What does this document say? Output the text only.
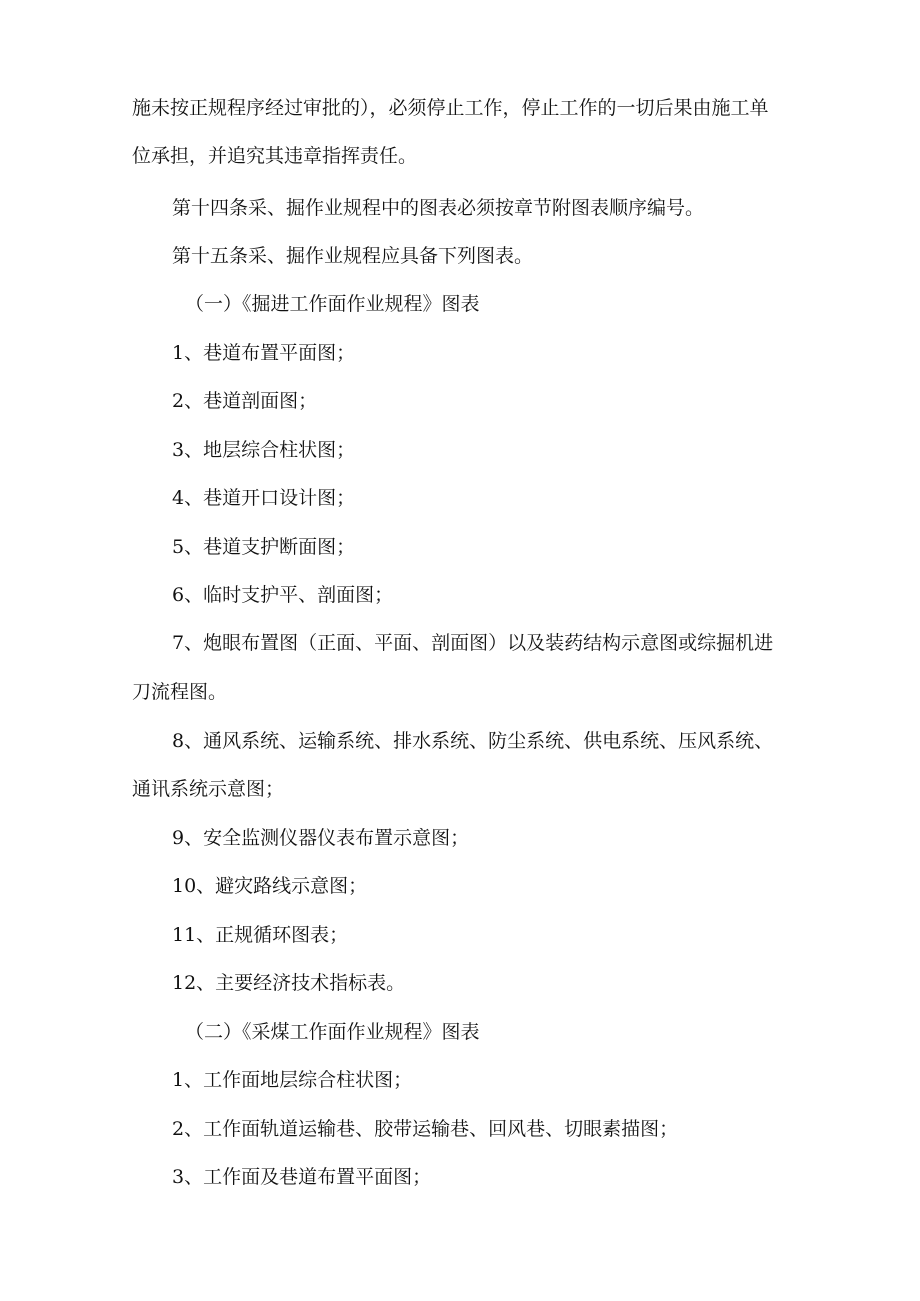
施未按正规程序经过审批的），必须停止工作，停止工作的一切后果由施工单
位承担，并追究其违章指挥责任。
第十四条采、掘作业规程中的图表必须按章节附图表顺序编号。
第十五条采、掘作业规程应具备下列图表。
（一）《掘进工作面作业规程》图表
1、巷道布置平面图；
2、巷道剖面图；
3、地层综合柱状图；
4、巷道开口设计图；
5、巷道支护断面图；
6、临时支护平、剖面图；
7、炮眼布置图（正面、平面、剖面图）以及装药结构示意图或综掘机进
刀流程图。
8、通风系统、运输系统、排水系统、防尘系统、供电系统、压风系统、
通讯系统示意图；
9、安全监测仪器仪表布置示意图；
10、避灾路线示意图；
11、正规循环图表；
12、主要经济技术指标表。
（二）《采煤工作面作业规程》图表
1、工作面地层综合柱状图；
2、工作面轨道运输巷、胶带运输巷、回风巷、切眼素描图；
3、工作面及巷道布置平面图；
